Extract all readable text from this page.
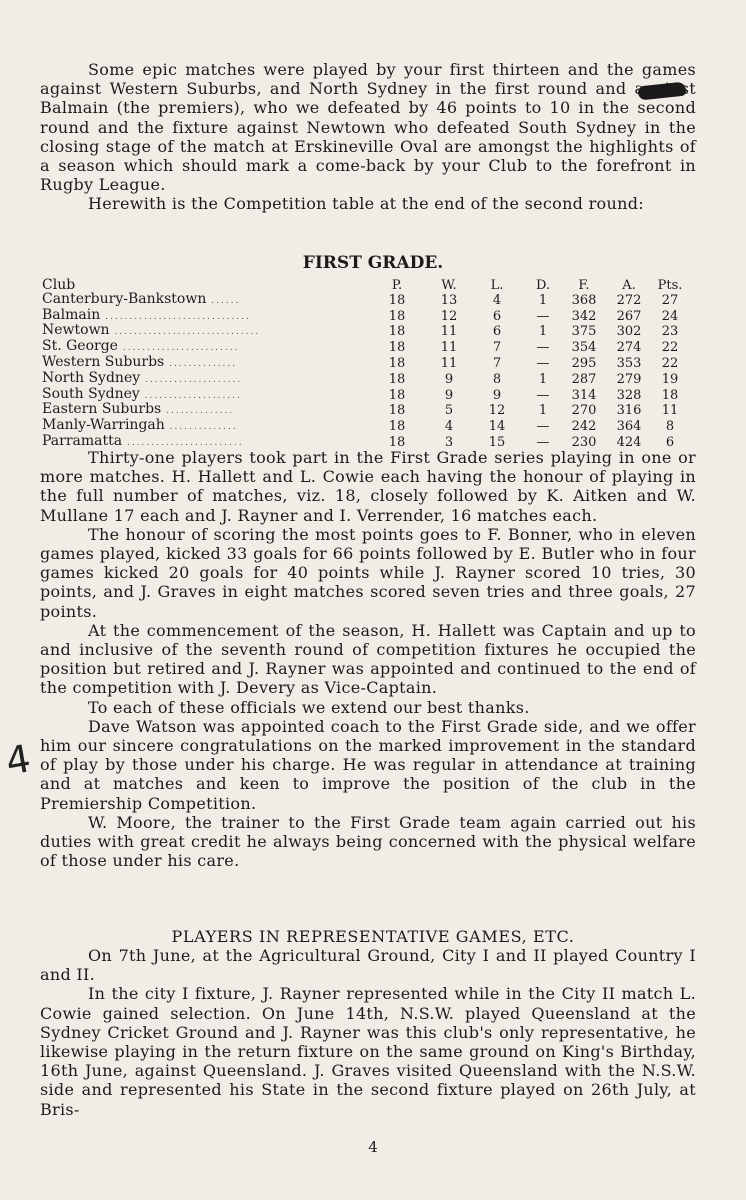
Some epic matches were played by your first thirteen and the games against Western Suburbs, and North Sydney in the first round and against Balmain (the premiers), who we defeated by 46 points to 10 in the second round and the fixture against Newtown who defeated South Sydney in the closing stage of the match at Erskineville Oval are amongst the highlights of a season which should mark a come-back by your Club to the forefront in Rugby League.

Herewith is the Competition table at the end of the second round:

FIRST GRADE.
Club	P.	W.	L.	D.	F.	A.	Pts.
Canterbury-Bankstown ......	18	13	4	1	368	272	27
Balmain ..............................	18	12	6	—	342	267	24
Newtown ..............................	18	11	6	1	375	302	23
St. George ........................	18	11	7	—	354	274	22
Western Suburbs ..............	18	11	7	—	295	353	22
North Sydney ....................	18	9	8	1	287	279	19
South Sydney ....................	18	9	9	—	314	328	18
Eastern Suburbs ..............	18	5	12	1	270	316	11
Manly-Warringah ..............	18	4	14	—	242	364	8
Parramatta ........................	18	3	15	—	230	424	6

Thirty-one players took part in the First Grade series playing in one or more matches. H. Hallett and L. Cowie each having the honour of playing in the full number of matches, viz. 18, closely followed by K. Aitken and W. Mullane 17 each and J. Rayner and I. Verrender, 16 matches each.

The honour of scoring the most points goes to F. Bonner, who in eleven games played, kicked 33 goals for 66 points followed by E. Butler who in four games kicked 20 goals for 40 points while J. Rayner scored 10 tries, 30 points, and J. Graves in eight matches scored seven tries and three goals, 27 points.

At the commencement of the season, H. Hallett was Captain and up to and inclusive of the seventh round of competition fixtures he occupied the position but retired and J. Rayner was appointed and continued to the end of the competition with J. Devery as Vice-Captain.

To each of these officials we extend our best thanks.

Dave Watson was appointed coach to the First Grade side, and we offer him our sincere congratulations on the marked improvement in the standard of play by those under his charge. He was regular in attendance at training and at matches and keen to improve the position of the club in the Premiership Competition.

W. Moore, the trainer to the First Grade team again carried out his duties with great credit he always being concerned with the physical welfare of those under his care.

4
PLAYERS IN REPRESENTATIVE GAMES, ETC.

On 7th June, at the Agricultural Ground, City I and II played Country I and II.

In the city I fixture, J. Rayner represented while in the City II match L. Cowie gained selection. On June 14th, N.S.W. played Queensland at the Sydney Cricket Ground and J. Rayner was this club's only representative, he likewise playing in the return fixture on the same ground on King's Birthday, 16th June, against Queensland. J. Graves visited Queensland with the N.S.W. side and represented his State in the second fixture played on 26th July, at Bris-

4
